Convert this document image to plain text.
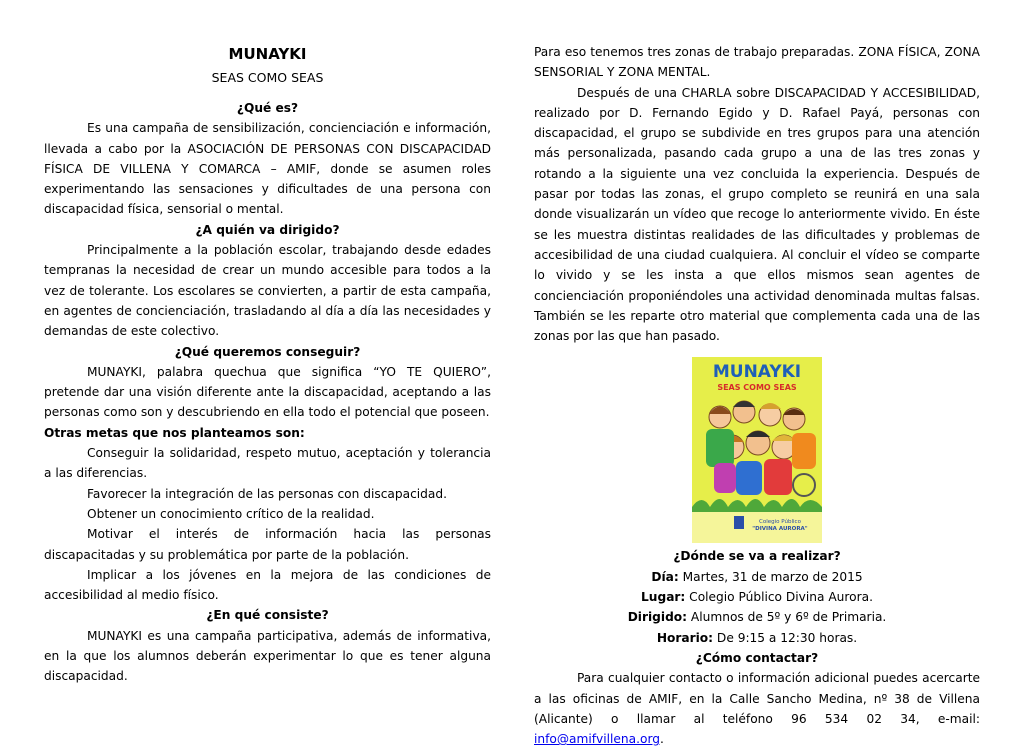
MUNAYKI
SEAS COMO SEAS
¿Qué es?

Es una campaña de sensibilización, concienciación e información, llevada a cabo por la ASOCIACIÓN DE PERSONAS CON DISCAPACIDAD FÍSICA DE VILLENA Y COMARCA – AMIF, donde se asumen roles experimentando las sensaciones y dificultades de una persona con discapacidad física, sensorial o mental.

¿A quién va dirigido?

Principalmente a la población escolar, trabajando desde edades tempranas la necesidad de crear un mundo accesible para todos a la vez de tolerante. Los escolares se convierten, a partir de esta campaña, en agentes de concienciación, trasladando al día a día las necesidades y demandas de este colectivo.

¿Qué queremos conseguir?

MUNAYKI, palabra quechua que significa “YO TE QUIERO”, pretende dar una visión diferente ante la discapacidad, aceptando a las personas como son y descubriendo en ella todo el potencial que poseen.

Otras metas que nos planteamos son:

Conseguir la solidaridad, respeto mutuo, aceptación y tolerancia a las diferencias.

Favorecer la integración de las personas con discapacidad.

Obtener un conocimiento crítico de la realidad.

Motivar el interés de información hacia las personas discapacitadas y su problemática por parte de la población.

Implicar a los jóvenes en la mejora de las condiciones de accesibilidad al medio físico.

¿En qué consiste?

MUNAYKI es una campaña participativa, además de informativa, en la que los alumnos deberán experimentar lo que es tener alguna discapacidad.

Para eso tenemos tres zonas de trabajo preparadas. ZONA FÍSICA, ZONA SENSORIAL Y ZONA MENTAL.

Después de una CHARLA sobre DISCAPACIDAD Y ACCESIBILIDAD, realizado por D. Fernando Egido y D. Rafael Payá, personas con discapacidad, el grupo se subdivide en tres grupos para una atención más personalizada, pasando cada grupo a una de las tres zonas y rotando a la siguiente una vez concluida la experiencia. Después de pasar por todas las zonas, el grupo completo se reunirá en una sala donde visualizarán un vídeo que recoge lo anteriormente vivido. En éste se les muestra distintas realidades de las dificultades y problemas de accesibilidad de una ciudad cualquiera. Al concluir el vídeo se comparte lo vivido y se les insta a que ellos mismos sean agentes de concienciación proponiéndoles una actividad denominada multas falsas. También se les reparte otro material que complementa cada una de las zonas por las que han pasado.

MUNAYKI
SEAS COMO SEAS
Colegio Público
"DIVINA AURORA"
¿Dónde se va a realizar?
Día: Martes, 31 de marzo de 2015
Lugar: Colegio Público Divina Aurora.
Dirigido: Alumnos de 5º y 6º de Primaria.
Horario: De 9:15 a 12:30 horas.
¿Cómo contactar?

Para cualquier contacto o información adicional puedes acercarte a las oficinas de AMIF, en la Calle Sancho Medina, nº 38 de Villena (Alicante) o llamar al teléfono 96 534 02 34, e-mail: info@amifvillena.org.
